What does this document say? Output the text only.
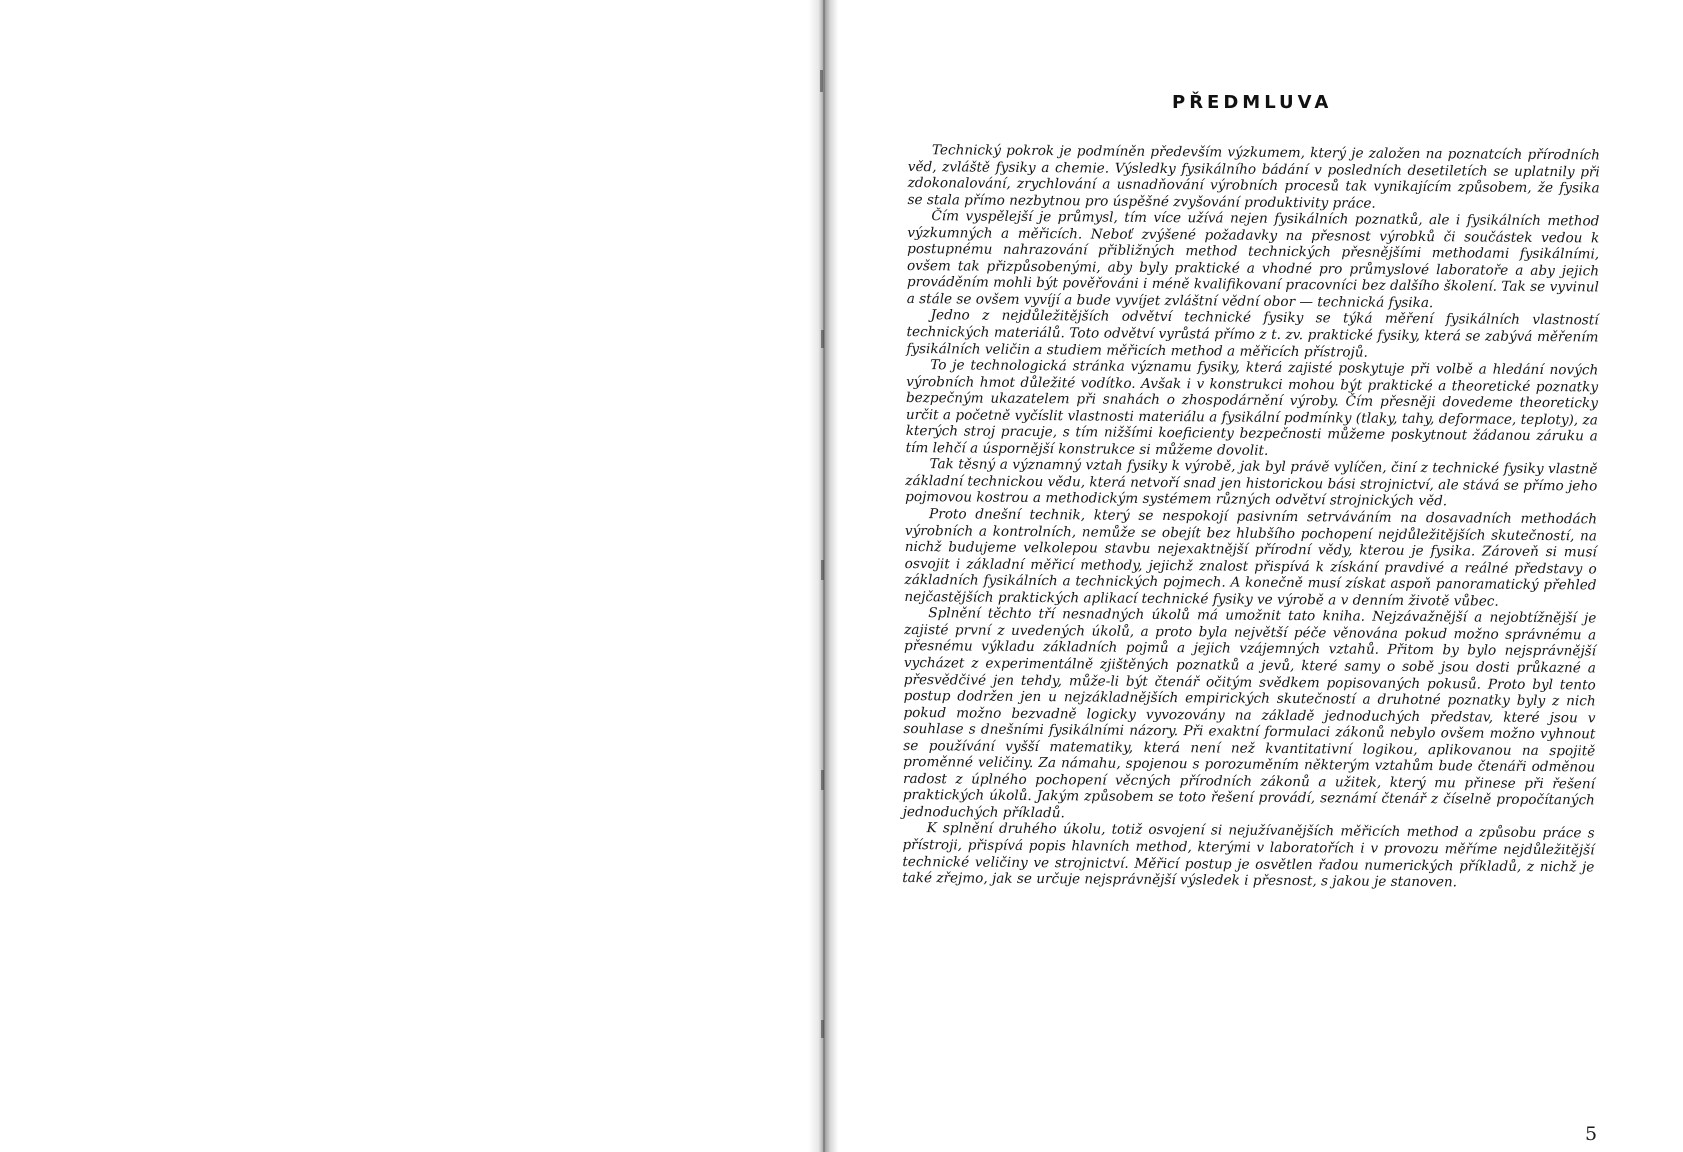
PŘEDMLUVA

Technický pokrok je podmíněn především výzkumem, který je založen na poznatcích přírodních věd, zvláště fysiky a chemie. Výsledky fysikálního bádání v posledních desetiletích se uplatnily při zdokonalování, zrychlování a usnadňování výrobních procesů tak vynikajícím způsobem, že fysika se stala přímo nezbytnou pro úspěšné zvyšování produktivity práce.

Čím vyspělejší je průmysl, tím více užívá nejen fysikálních poznatků, ale i fysikálních method výzkumných a měřicích. Neboť zvýšené požadavky na přesnost výrobků či součástek vedou k postupnému nahrazování přibližných method technických přesnějšími methodami fysikálními, ovšem tak přizpůsobenými, aby byly praktické a vhodné pro průmyslové laboratoře a aby jejich prováděním mohli být pověřováni i méně kvalifikovaní pracovníci bez dalšího školení. Tak se vyvinul a stále se ovšem vyvíjí a bude vyvíjet zvláštní vědní obor — technická fysika.

Jedno z nejdůležitějších odvětví technické fysiky se týká měření fysikálních vlastností technických materiálů. Toto odvětví vyrůstá přímo z t. zv. praktické fysiky, která se zabývá měřením fysikálních veličin a studiem měřicích method a měřicích přístrojů.

To je technologická stránka významu fysiky, která zajisté poskytuje při volbě a hledání nových výrobních hmot důležité vodítko. Avšak i v konstrukci mohou být praktické a theoretické poznatky bezpečným ukazatelem při snahách o zhospodárnění výroby. Čím přesněji dovedeme theoreticky určit a početně vyčíslit vlastnosti materiálu a fysikální podmínky (tlaky, tahy, deformace, teploty), za kterých stroj pracuje, s tím nižšími koeficienty bezpečnosti můžeme poskytnout žádanou záruku a tím lehčí a úspornější konstrukce si můžeme dovolit.

Tak těsný a významný vztah fysiky k výrobě, jak byl právě vylíčen, činí z technické fysiky vlastně základní technickou vědu, která netvoří snad jen historickou bási strojnictví, ale stává se přímo jeho pojmovou kostrou a methodickým systémem různých odvětví strojnických věd.

Proto dnešní technik, který se nespokojí pasivním setrváváním na dosavadních methodách výrobních a kontrolních, nemůže se obejít bez hlubšího pochopení nejdůležitějších skutečností, na nichž budujeme velkolepou stavbu nejexaktnější přírodní vědy, kterou je fysika. Zároveň si musí osvojit i základní měřicí methody, jejichž znalost přispívá k získání pravdivé a reálné představy o základních fysikálních a technických pojmech. A konečně musí získat aspoň panoramatický přehled nejčastějších praktických aplikací technické fysiky ve výrobě a v denním životě vůbec.

Splnění těchto tří nesnadných úkolů má umožnit tato kniha. Nejzávažnější a nejobtížnější je zajisté první z uvedených úkolů, a proto byla největší péče věnována pokud možno správnému a přesnému výkladu základních pojmů a jejich vzájemných vztahů. Přitom by bylo nejsprávnější vycházet z experimentálně zjištěných poznatků a jevů, které samy o sobě jsou dosti průkazné a přesvědčivé jen tehdy, může-li být čtenář očitým svědkem popisovaných pokusů. Proto byl tento postup dodržen jen u nejzákladnějších empirických skutečností a druhotné poznatky byly z nich pokud možno bezvadně logicky vyvozovány na základě jednoduchých představ, které jsou v souhlase s dnešními fysikálními názory. Při exaktní formulaci zákonů nebylo ovšem možno vyhnout se používání vyšší matematiky, která není než kvantitativní logikou, aplikovanou na spojitě proměnné veličiny. Za námahu, spojenou s porozuměním některým vztahům bude čtenáři odměnou radost z úplného pochopení věcných přírodních zákonů a užitek, který mu přinese při řešení praktických úkolů. Jakým způsobem se toto řešení provádí, seznámí čtenář z číselně propočítaných jednoduchých příkladů.

K splnění druhého úkolu, totiž osvojení si nejužívanějších měřicích method a způsobu práce s přístroji, přispívá popis hlavních method, kterými v laboratořích i v provozu měříme nejdůležitější technické veličiny ve strojnictví. Měřicí postup je osvětlen řadou numerických příkladů, z nichž je také zřejmo, jak se určuje nejsprávnější výsledek i přesnost, s jakou je stanoven.

5
